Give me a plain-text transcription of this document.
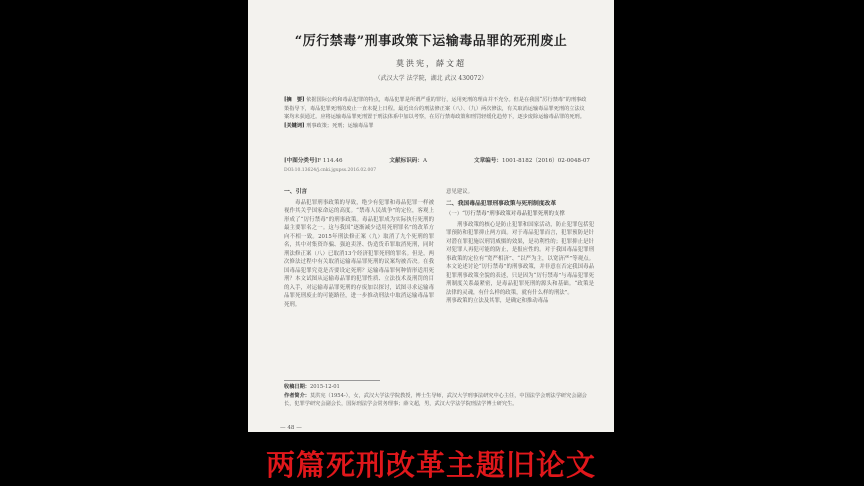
“厉行禁毒”刑事政策下运输毒品罪的死刑废止
莫洪宪，薛文超
（武汉大学 法学院，湖北 武汉 430072）
[摘　要] 依据国际公约和毒品犯罪的特点，毒品犯罪是所谓严重的罪行，运用死刑的理由并不充分。但是在我国“厉行禁毒”的刑事政策指导下，毒品犯罪死刑的废止一直未提上日程。最近出台的刑法修正案（八）、（九）两次修法，有关取消运输毒品罪死刑的立法议案均未获通过。应将运输毒品罪死刑置于刑法体系中加以考察，在厉行禁毒政策和刑罚轻缓化趋势下，逐步废除运输毒品罪的死刑。
[关键词] 刑事政策；死刑；运输毒品罪
[中图分类号]F 114.46	文献标识码：A	文章编号：1001-8182（2016）02-0048-07
DOI:10.13624/j.cnki.jgupss.2016.02.007
一、引言

毒品犯罪刑事政策的导致，绝少有犯罪和毒品犯罪一样被视作其关乎国家命运的高度。“禁毒人民战争”的定位，客观上形成了“厉行禁毒”的刑事政策。毒品犯罪成为实际执行死刑的最主要罪名之一。这与我国“逐渐减少适用死刑罪名”的改革方向不相一致。2015年刑法修正案（九）取消了九个死刑的罪名，其中对集资诈骗、强迫卖淫、伪造货币罪取消死刑，同时刑法修正案（八）已取消13个经济犯罪死刑的罪名。但是，两次修法过程中有关取消运输毒品罪死刑的议案均被否决。在我国毒品犯罪究竟是否要设定死刑？运输毒品罪何种情形适用死刑？本文试图从运输毒品罪的犯罪性质、立法技术及刑罚的目的入手，对运输毒品罪死刑的存废加以探讨，试图寻求运输毒品罪死刑废止的可能路径，进一步推动刑法中取消运输毒品罪死刑。

意见建议。

二、我国毒品犯罪刑事政策与死刑制度改革
（一）“厉行禁毒”刑事政策对毒品犯罪死刑的支撑

刑事政策的核心是防止犯罪和国家活动，防止犯罪包括犯罪预防和犯罪抑止两方面。对于毒品犯罪而言，犯罪预防是针对潜在罪犯施以刑罚威慑的效果，是功利性的；犯罪抑止是针对犯罪人再犯可能的防止，是报应性的。对于我国毒品犯罪刑事政策的定位有“宽严相济”、“以严为主，以宽济严”等观点。本文论述讨论“厉行禁毒”的刑事政策，并非意在否定我国毒品犯罪刑事政策全貌的表述，只是因为“厉行禁毒”与毒品犯罪死刑制度关系最紧密，是毒品犯罪死刑的源头和基础。“政策是法律的灵魂，有什么样的政策，就有什么样的刑法”。

刑事政策的立法及其罪，是确定和推动毒品

收稿日期：2015-12-01
作者简介：莫洪宪（1954-），女，武汉大学法学院教授，博士生导师，武汉大学刑事法研究中心主任，中国法学会刑法学研究会副会长，犯罪学研究会副会长，国际刑法学会常务理事；薛文超，男，武汉大学法学院刑法学博士研究生。
— 48 —
两篇死刑改革主题旧论文
